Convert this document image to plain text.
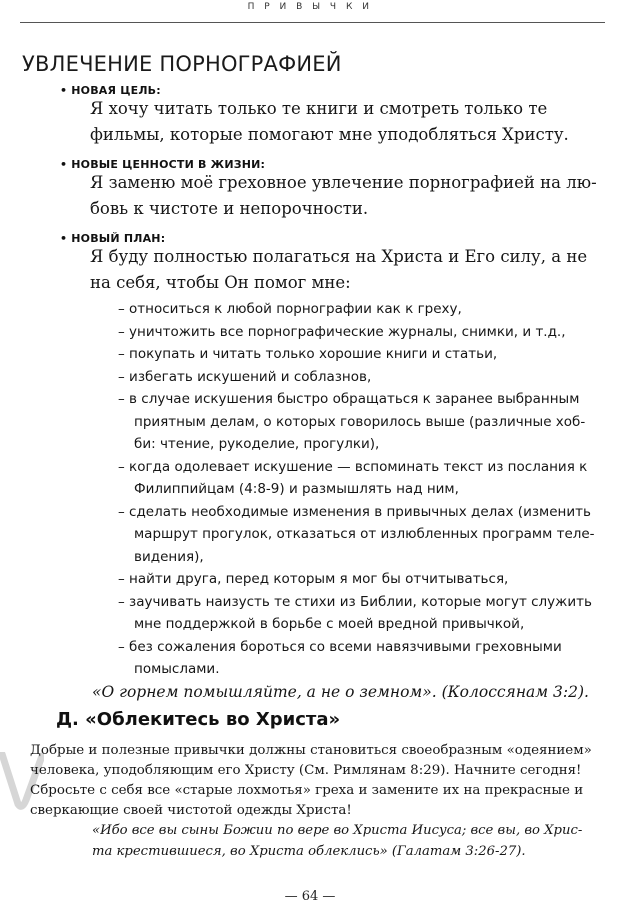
П Р И В Ы Ч К И
УВЛЕЧЕНИЕ ПОРНОГРАФИЕЙ
• НОВАЯ ЦЕЛЬ:
Я хочу читать только те книги и смотреть только те
фильмы, которые помогают мне уподобляться Христу.
• НОВЫЕ ЦЕННОСТИ В ЖИЗНИ:
Я заменю моё греховное увлечение порнографией на лю-
бовь к чистоте и непорочности.
• НОВЫЙ ПЛАН:
Я буду полностью полагаться на Христа и Его силу, а не
на себя, чтобы Он помог мне:
– относиться к любой порнографии как к греху,
– уничтожить все порнографические журналы, снимки, и т.д.,
– покупать и читать только хорошие книги и статьи,
– избегать искушений и соблазнов,
– в случае искушения быстро обращаться к заранее выбранным
приятным делам, о которых говорилось выше (различные хоб-
би: чтение, рукоделие, прогулки),
– когда одолевает искушение — вспоминать текст из послания к
Филиппийцам (4:8-9) и размышлять над ним,
– сделать необходимые изменения в привычных делах (изменить
маршрут прогулок, отказаться от излюбленных программ теле-
видения),
– найти друга, перед которым я мог бы отчитываться,
– заучивать наизусть те стихи из Библии, которые могут служить
мне поддержкой в борьбе с моей вредной привычкой,
– без сожаления бороться со всеми навязчивыми греховными
помыслами.
«О горнем помышляйте, а не о земном». (Колоссянам 3:2).
Д. «Облекитесь во Христа»
Добрые и полезные привычки должны становиться своеобразным «одеянием»
человека, уподобляющим его Христу (См. Римлянам 8:29). Начните сегодня!
Сбросьте с себя все «старые лохмотья» греха и замените их на прекрасные и
сверкающие своей чистотой одежды Христа!
«Ибо все вы сыны Божии по вере во Христа Иисуса; все вы, во Хрис-
та крестившиеся, во Христа облеклись» (Галатам 3:26-27).
— 64 —
